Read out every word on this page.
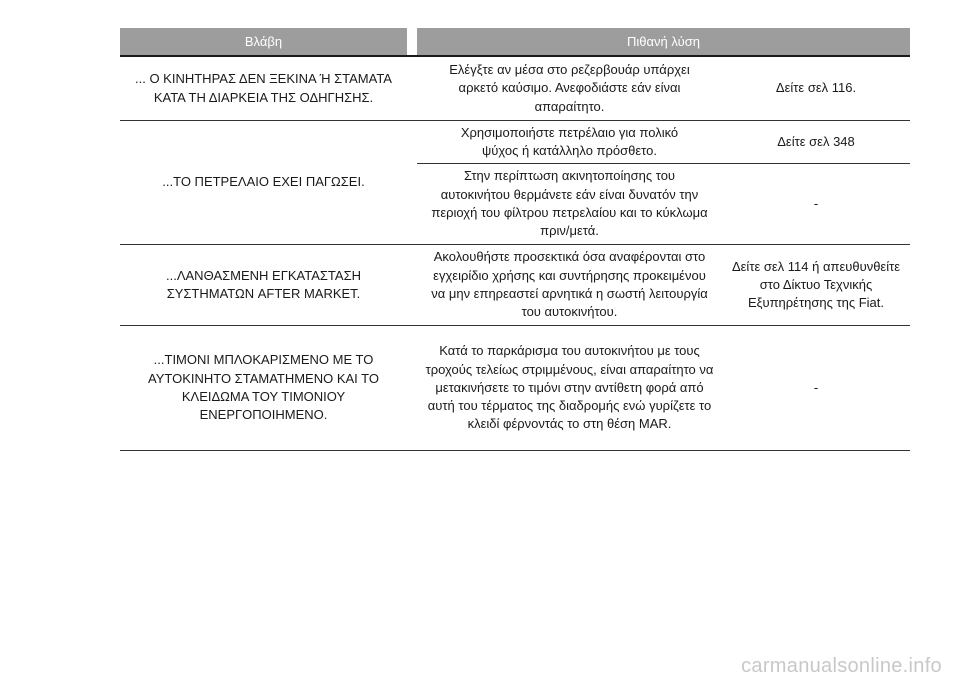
Βλάβη	Πιθανή λύση
... Ο ΚΙΝΗΤΗΡΑΣ ΔΕΝ ΞΕΚΙΝΑ Ή ΣΤΑΜΑΤΑ ΚΑΤΑ ΤΗ ΔΙΑΡΚΕΙΑ ΤΗΣ ΟΔΗΓΗΣΗΣ.
Ελέγξτε αν μέσα στο ρεζερβουάρ υπάρχει αρκετό καύσιμο. Ανεφοδιάστε εάν είναι απαραίτητο.
Δείτε σελ 116.
...ΤΟ ΠΕΤΡΕΛΑΙΟ ΕΧΕΙ ΠΑΓΩΣΕΙ.
Χρησιμοποιήστε πετρέλαιο για πολικό ψύχος ή κατάλληλο πρόσθετο.
Δείτε σελ 348
Στην περίπτωση ακινητοποίησης του αυτοκινήτου θερμάνετε εάν είναι δυνατόν την περιοχή του φίλτρου πετρελαίου και το κύκλωμα πριν/μετά.
-
...ΛΑΝΘΑΣΜΕΝΗ ΕΓΚΑΤΑΣΤΑΣΗ ΣΥΣΤΗΜΑΤΩΝ AFTER MARKET.
Ακολουθήστε προσεκτικά όσα αναφέρονται στο εγχειρίδιο χρήσης και συντήρησης προκειμένου να μην επηρεαστεί αρνητικά η σωστή λειτουργία του αυτοκινήτου.
Δείτε σελ 114 ή απευθυνθείτε στο Δίκτυο Τεχνικής Εξυπηρέτησης της Fiat.
...ΤΙΜΟΝΙ ΜΠΛΟΚΑΡΙΣΜΕΝΟ ΜΕ ΤΟ ΑΥΤΟΚΙΝΗΤΟ ΣΤΑΜΑΤΗΜΕΝΟ ΚΑΙ ΤΟ ΚΛΕΙΔΩΜΑ ΤΟΥ ΤΙΜΟΝΙΟΥ ΕΝΕΡΓΟΠΟΙΗΜΕΝΟ.
Κατά το παρκάρισμα του αυτοκινήτου με τους τροχούς τελείως στριμμένους, είναι απαραίτητο να μετακινήσετε το τιμόνι στην αντίθετη φορά από αυτή του τέρματος της διαδρομής ενώ γυρίζετε το κλειδί φέρνοντάς το στη θέση MAR.
-
carmanualsonline.info
